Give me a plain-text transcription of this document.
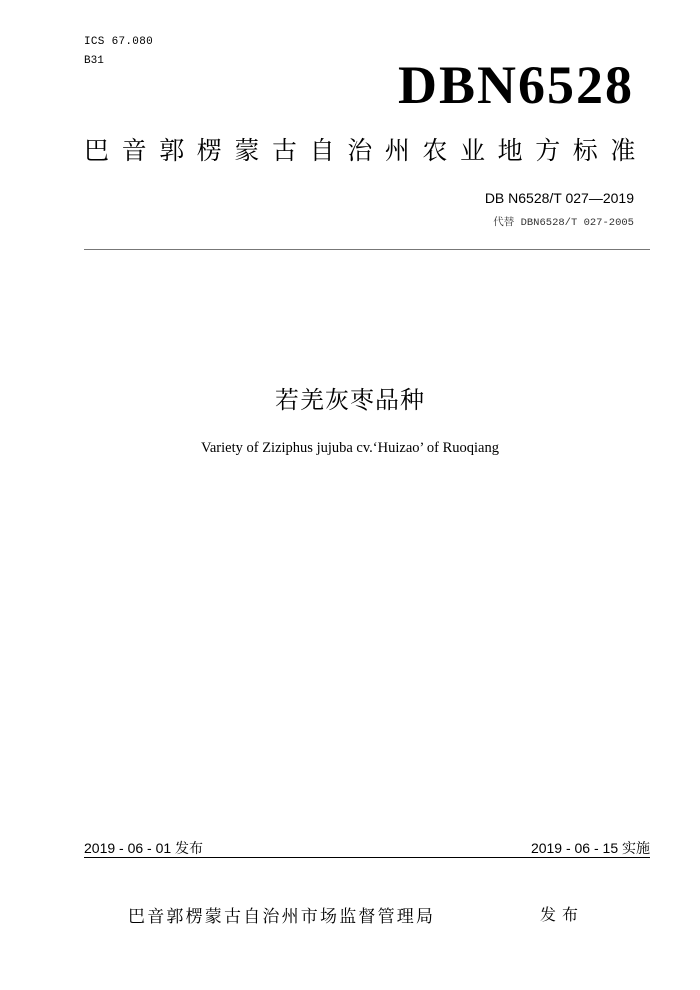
ICS 67.080
B31	DBN6528
巴音郭楞蒙古自治州农业地方标准
DB N6528/T 027—2019
代替 DBN6528/T 027-2005
若羌灰枣品种
Variety of Ziziphus jujuba cv.‘Huizao’ of Ruoqiang
2019 - 06 - 01 发布	2019 - 06 - 15 实施
巴音郭楞蒙古自治州市场监督管理局	发布
